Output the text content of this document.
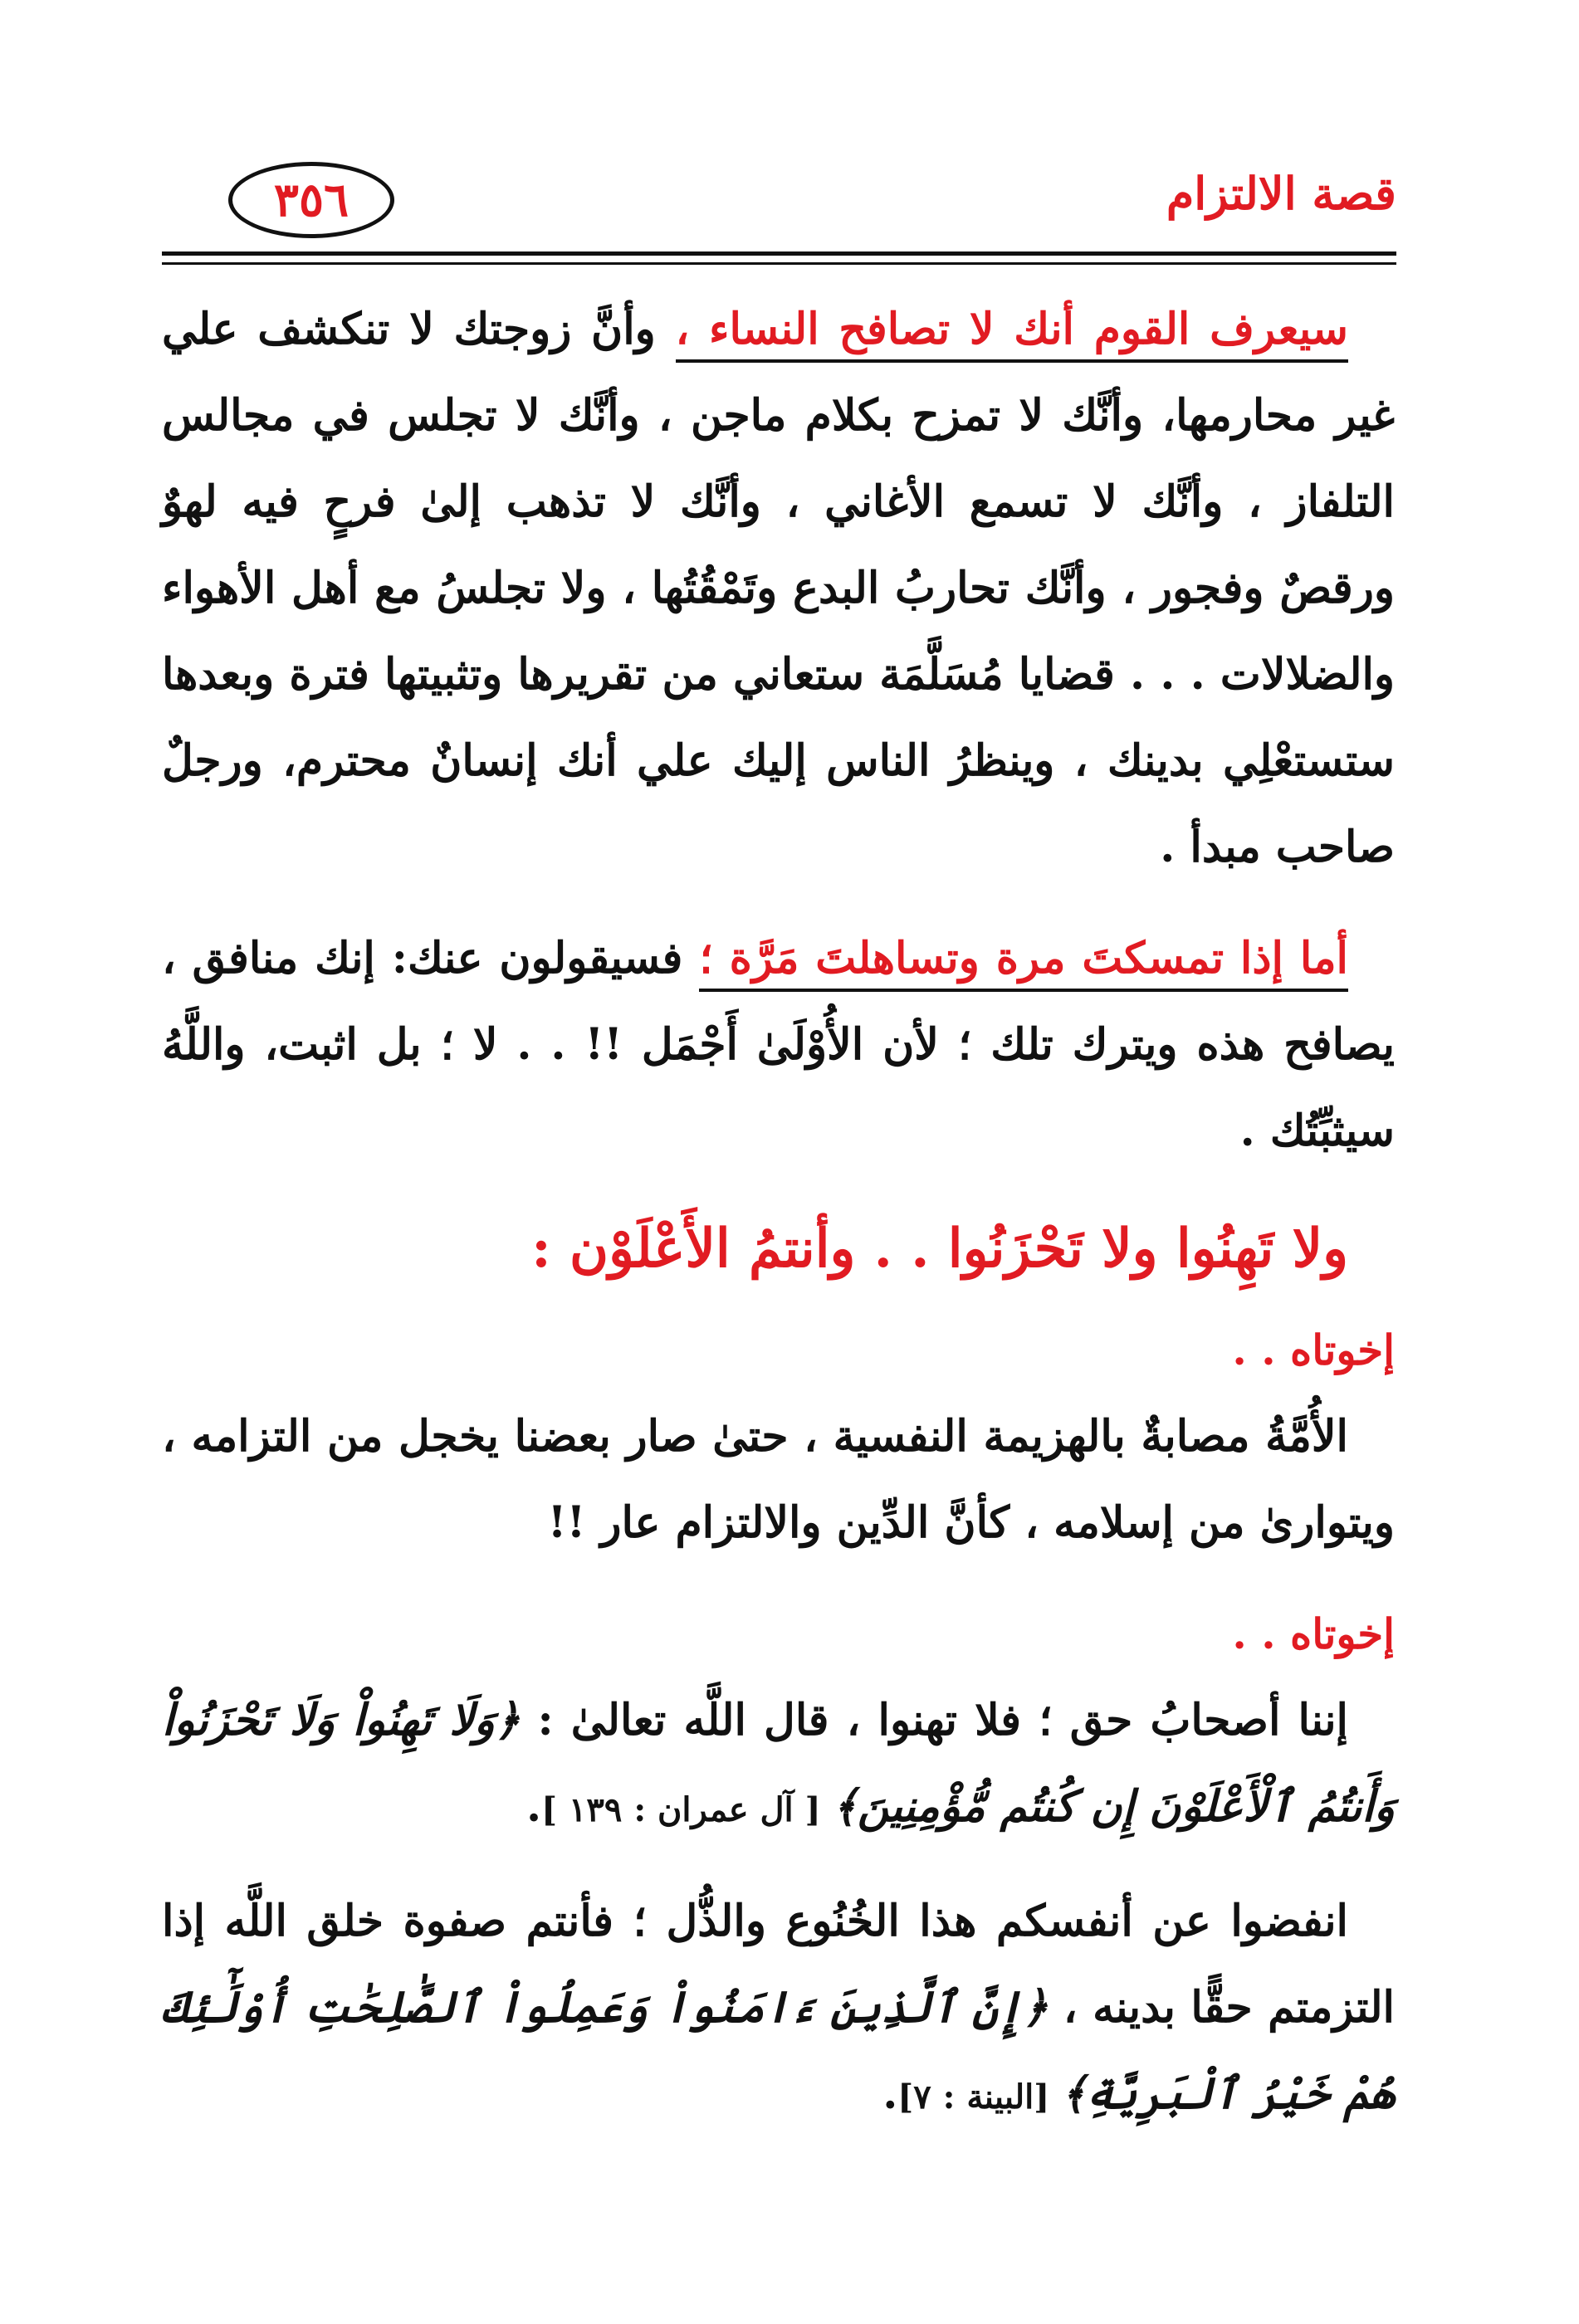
٣٥٦	قصة الالتزام

سيعرف القوم أنك لا تصافح النساء ، وأنَّ زوجتك لا تنكشف علي غير محارمها، وأنَّك لا تمزح بكلام ماجن ، وأنَّك لا تجلس في مجالس التلفاز ، وأنَّك لا تسمع الأغاني ، وأنَّك لا تذهب إلىٰ فرحٍ فيه لهوٌ ورقصٌ وفجور ، وأنَّك تحاربُ البدع وتَمْقُتُها ، ولا تجلسُ مع أهل الأهواء والضلالات . . . قضايا مُسَلَّمَة ستعاني من تقريرها وتثبيتها فترة وبعدها ستستعْلِي بدينك ، وينظرُ الناس إليك علي أنك إنسانٌ محترم، ورجلٌ صاحب مبدأ .

أما إذا تمسكتَ مرة وتساهلتَ مَرَّة ؛ فسيقولون عنك: إنك منافق ، يصافح هذه ويترك تلك ؛ لأن الأُوْلَىٰ أَجْمَل !! . . لا ؛ بل اثبت، واللَّهُ سيثبِّتُك .

ولا تَهِنُوا ولا تَحْزَنُوا . . وأنتمُ الأَعْلَوْن :
إخوتاه . .

الأُمَّةُ مصابةٌ بالهزيمة النفسية ، حتىٰ صار بعضنا يخجل من التزامه ، ويتوارىٰ من إسلامه ، كأنَّ الدِّين والالتزام عار !!

إخوتاه . .

إننا أصحابُ حق ؛ فلا تهنوا ، قال اللَّه تعالىٰ : ﴿وَلَا تَهِنُواْ وَلَا تَحْزَنُواْ وَأَنتُمُ ٱلْأَعْلَوْنَ إِن كُنتُم مُّؤْمِنِينَ﴾ [ آل عمران : ١٣٩ ].

انفضوا عن أنفسكم هذا الخُنُوع والذُّل ؛ فأنتم صفوة خلق اللَّه إذا التزمتم حقًّا بدينه ، ﴿إِنَّ ٱلَّذِينَ ءَامَنُواْ وَعَمِلُواْ ٱلصَّٰلِحَٰتِ أُوْلَٰٓئِكَ هُمْ خَيْرُ ٱلْبَرِيَّةِ﴾ [البينة : ٧].
